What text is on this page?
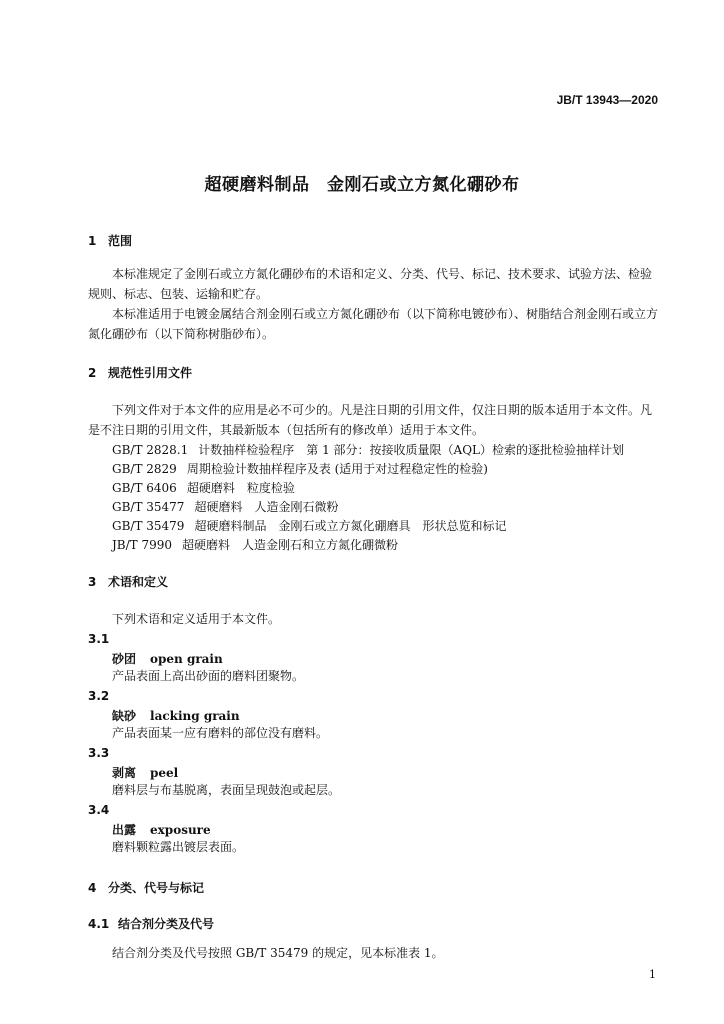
JB/T 13943—2020
超硬磨料制品　金刚石或立方氮化硼砂布
1 范围
本标准规定了金刚石或立方氮化硼砂布的术语和定义、分类、代号、标记、技术要求、试验方法、检验规则、标志、包装、运输和贮存。
本标准适用于电镀金属结合剂金刚石或立方氮化硼砂布（以下简称电镀砂布）、树脂结合剂金刚石或立方氮化硼砂布（以下简称树脂砂布）。
2 规范性引用文件
下列文件对于本文件的应用是必不可少的。凡是注日期的引用文件，仅注日期的版本适用于本文件。凡是不注日期的引用文件，其最新版本（包括所有的修改单）适用于本文件。
GB/T 2828.1 计数抽样检验程序　第 1 部分：按接收质量限（AQL）检索的逐批检验抽样计划
GB/T 2829 周期检验计数抽样程序及表 (适用于对过程稳定性的检验)
GB/T 6406 超硬磨料　粒度检验
GB/T 35477 超硬磨料　人造金刚石微粉
GB/T 35479 超硬磨料制品　金刚石或立方氮化硼磨具　形状总览和标记
JB/T 7990 超硬磨料　人造金刚石和立方氮化硼微粉
3 术语和定义
下列术语和定义适用于本文件。
3.1
砂团 open grain
产品表面上高出砂面的磨料团聚物。
3.2
缺砂 lacking grain
产品表面某一应有磨料的部位没有磨料。
3.3
剥离 peel
磨料层与布基脱离，表面呈现鼓泡或起层。
3.4
出露 exposure
磨料颗粒露出镀层表面。
4 分类、代号与标记
4.1 结合剂分类及代号
结合剂分类及代号按照 GB/T 35479 的规定，见本标准表 1。
1
